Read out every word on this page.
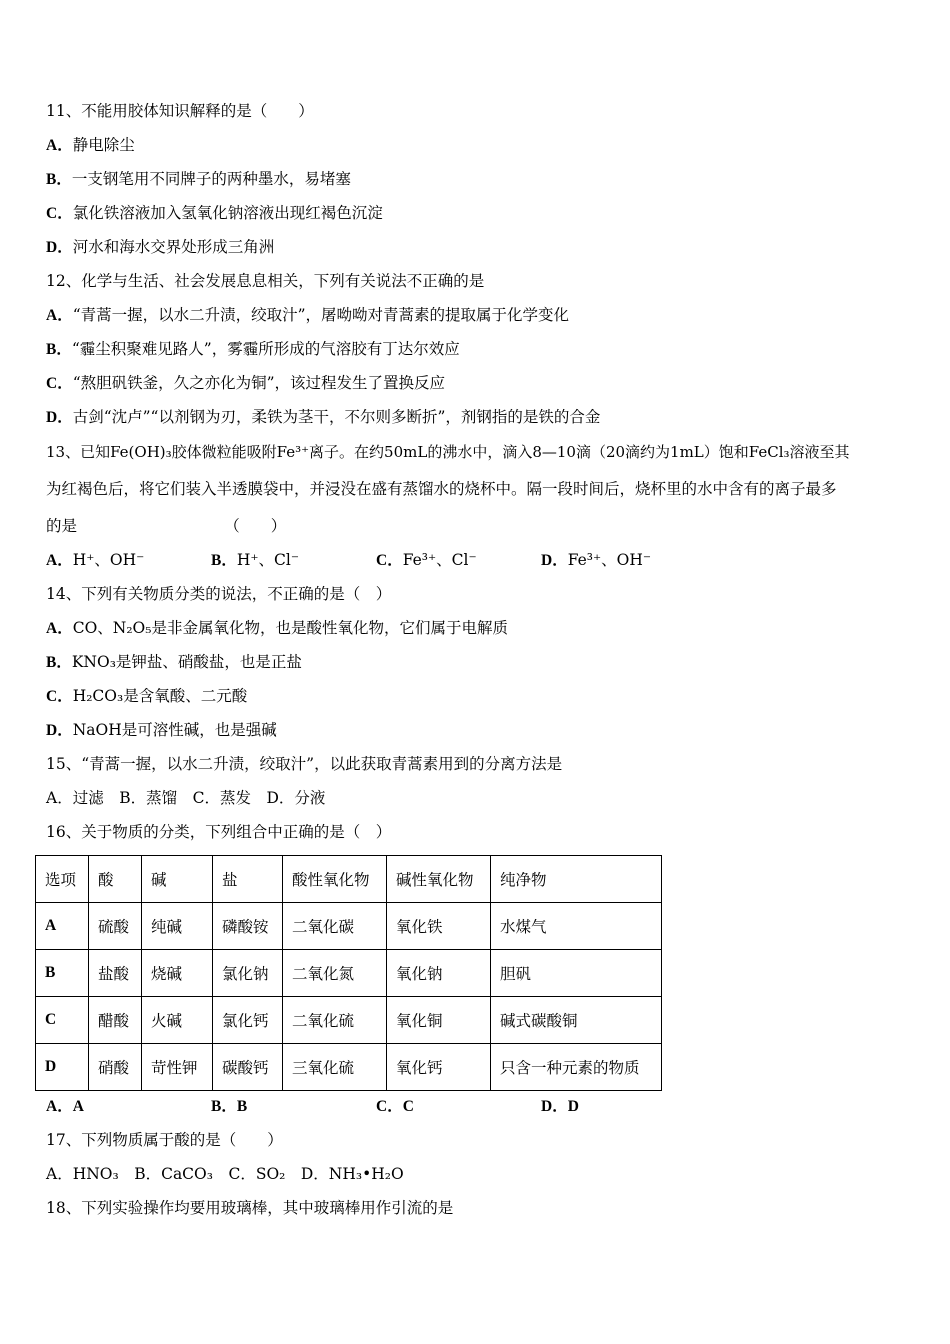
11、不能用胶体知识解释的是（　　）
A．静电除尘
B．一支钢笔用不同牌子的两种墨水，易堵塞
C．氯化铁溶液加入氢氧化钠溶液出现红褐色沉淀
D．河水和海水交界处形成三角洲
12、化学与生活、社会发展息息相关，下列有关说法不正确的是
A．“青蒿一握，以水二升渍，绞取汁”，屠呦呦对青蒿素的提取属于化学变化
B．“霾尘积聚难见路人”，雾霾所形成的气溶胶有丁达尔效应
C．“熬胆矾铁釜，久之亦化为铜”，该过程发生了置换反应
D．古剑“沈卢”“以剂钢为刃，柔铁为茎干，不尔则多断折”，剂钢指的是铁的合金
13、已知Fe(OH)₃胶体微粒能吸附Fe³⁺离子。在约50mL的沸水中，滴入8—10滴（20滴约为1mL）饱和FeCl₃溶液至其
为红褐色后，将它们装入半透膜袋中，并浸没在盛有蒸馏水的烧杯中。隔一段时间后，烧杯里的水中含有的离子最多
的是　　　　　　　　　　（　　）
A．H⁺、OH⁻	B．H⁺、Cl⁻	C．Fe³⁺、Cl⁻	D．Fe³⁺、OH⁻
14、下列有关物质分类的说法，不正确的是（　）
A．CO、N₂O₅是非金属氧化物，也是酸性氧化物，它们属于电解质
B．KNO₃是钾盐、硝酸盐，也是正盐
C．H₂CO₃是含氧酸、二元酸
D．NaOH是可溶性碱，也是强碱
15、“青蒿一握，以水二升渍，绞取汁”，以此获取青蒿素用到的分离方法是
A．过滤　B．蒸馏　C．蒸发　D．分液
16、关于物质的分类，下列组合中正确的是（　）
选项	酸	碱	盐	酸性氧化物	碱性氧化物	纯净物
A	硫酸	纯碱	磷酸铵	二氧化碳	氧化铁	水煤气
B	盐酸	烧碱	氯化钠	二氧化氮	氧化钠	胆矾
C	醋酸	火碱	氯化钙	二氧化硫	氧化铜	碱式碳酸铜
D	硝酸	苛性钾	碳酸钙	三氧化硫	氧化钙	只含一种元素的物质
A．A	B．B	C．C	D．D
17、下列物质属于酸的是（　　）
A．HNO₃　B．CaCO₃　C．SO₂　D．NH₃•H₂O
18、下列实验操作均要用玻璃棒，其中玻璃棒用作引流的是
